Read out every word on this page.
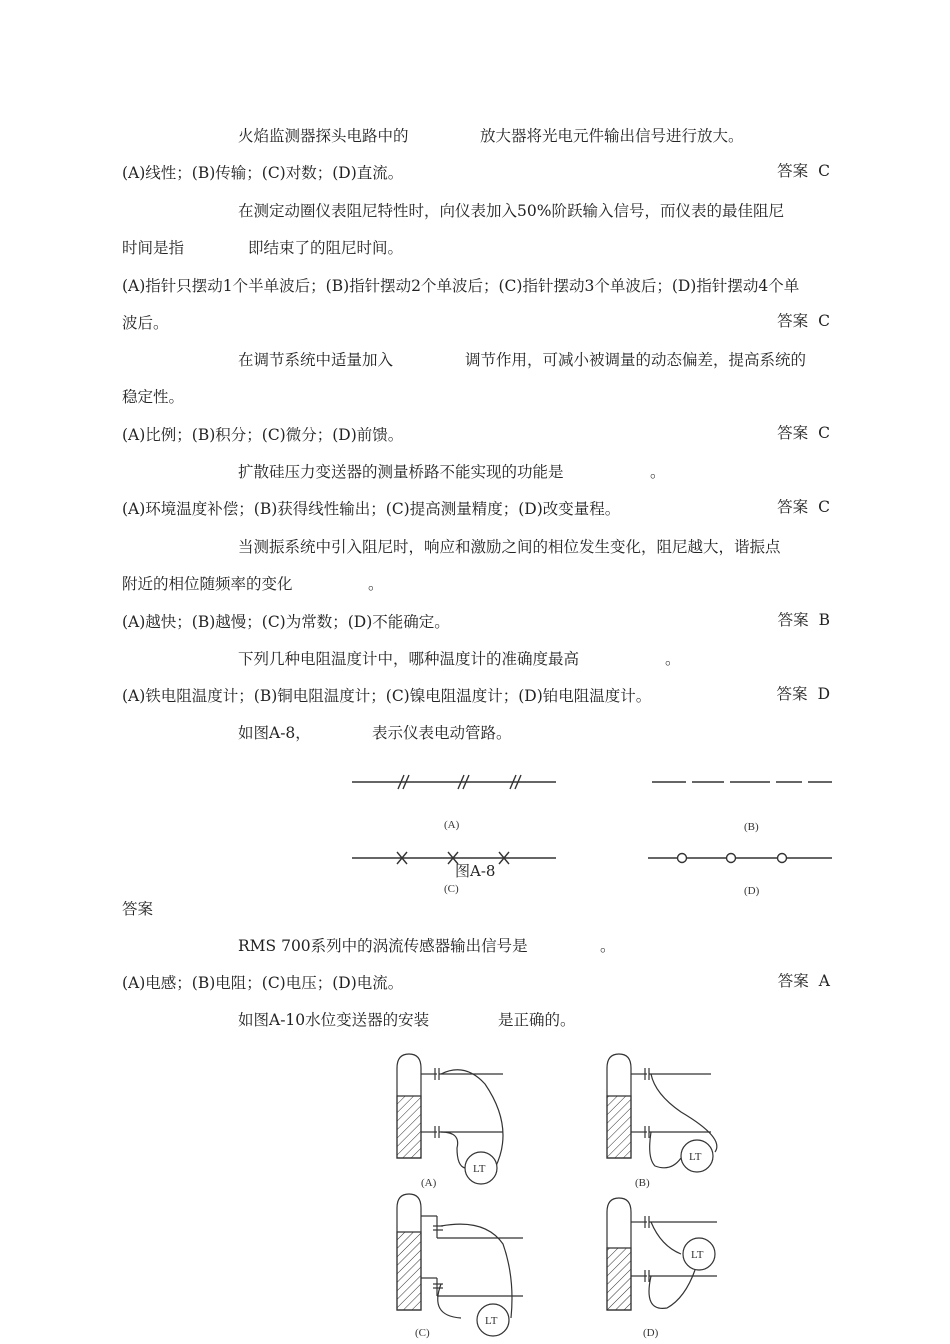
火焰监测器探头电路中的	放大器将光电元件输出信号进行放大。
(A)线性；(B)传输；(C)对数；(D)直流。	答案 C
在测定动圈仪表阻尼特性时，向仪表加入50%阶跃输入信号，而仪表的最佳阻尼
时间是指	即结束了的阻尼时间。
(A)指针只摆动1个半单波后；(B)指针摆动2个单波后；(C)指针摆动3个单波后；(D)指针摆动4个单
波后。	答案 C
在调节系统中适量加入	调节作用，可减小被调量的动态偏差，提高系统的
稳定性。
(A)比例；(B)积分；(C)微分；(D)前馈。	答案 C
扩散硅压力变送器的测量桥路不能实现的功能是	。
(A)环境温度补偿；(B)获得线性输出；(C)提高测量精度；(D)改变量程。	答案 C
当测振系统中引入阻尼时，响应和激励之间的相位发生变化，阻尼越大，谐振点
附近的相位随频率的变化	。
(A)越快；(B)越慢；(C)为常数；(D)不能确定。	答案 B
下列几种电阻温度计中，哪种温度计的准确度最高	。
(A)铁电阻温度计；(B)铜电阻温度计；(C)镍电阻温度计；(D)铂电阻温度计。	答案 D
如图A-8，	表示仪表电动管路。
(A)	(B)
(C)	(D)
图A-8
答案
RMS 700系列中的涡流传感器输出信号是	。
(A)电感；(B)电阻；(C)电压；(D)电流。	答案 A
如图A-10水位变送器的安装	是正确的。
LT
LT
LT
LT
(A)	(B)
(C)	(D)
